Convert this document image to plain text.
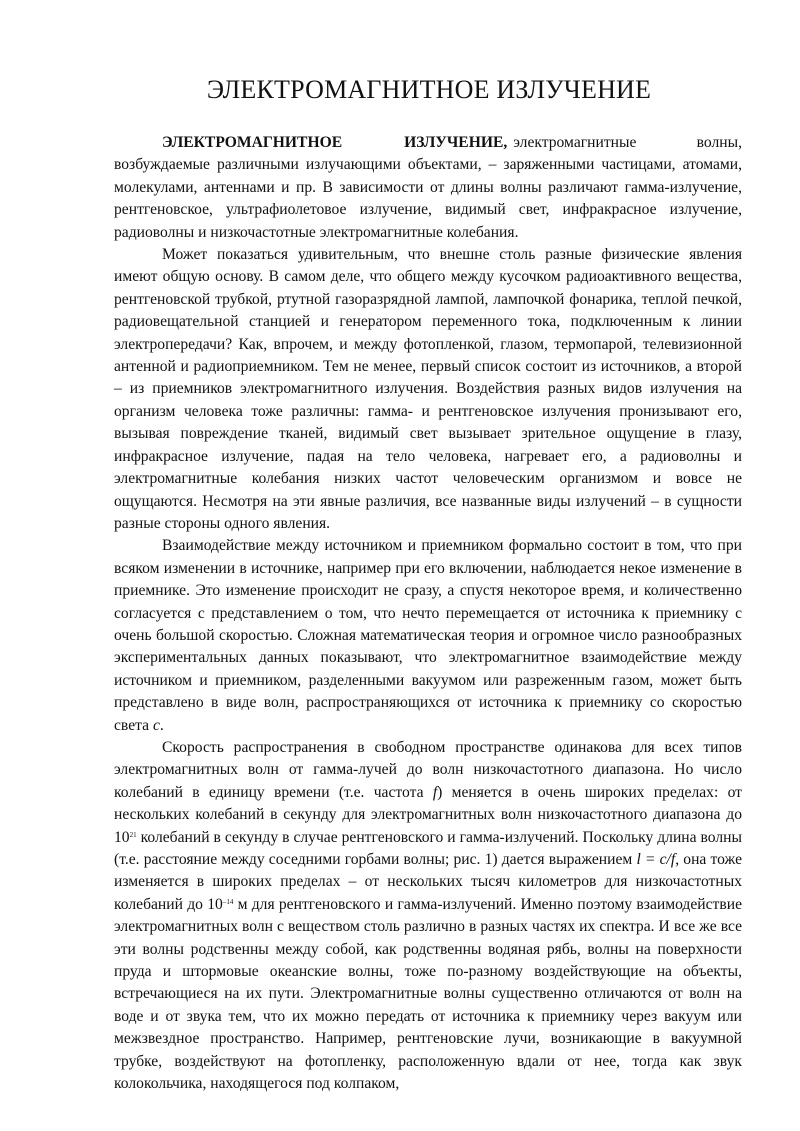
ЭЛЕКТРОМАГНИТНОЕ ИЗЛУЧЕНИЕ

ЭЛЕКТРОМАГНИТНОЕ	ИЗЛУЧЕНИЕ, электромагнитные волны, возбуждаемые различными излучающими объектами, – заряженными частицами, атомами, молекулами, антеннами и пр. В зависимости от длины волны различают гамма-излучение, рентгеновское, ультрафиолетовое излучение, видимый свет, инфракрасное излучение, радиоволны и низкочастотные электромагнитные колебания.

Может показаться удивительным, что внешне столь разные физические явления имеют общую основу. В самом деле, что общего между кусочком радиоактивного вещества, рентгеновской трубкой, ртутной газоразрядной лампой, лампочкой фонарика, теплой печкой, радиовещательной станцией и генератором переменного тока, подключенным к линии электропередачи? Как, впрочем, и между фотопленкой, глазом, термопарой, телевизионной антенной и радиоприемником. Тем не менее, первый список состоит из источников, а второй – из приемников электромагнитного излучения. Воздействия разных видов излучения на организм человека тоже различны: гамма- и рентгеновское излучения пронизывают его, вызывая повреждение тканей, видимый свет вызывает зрительное ощущение в глазу, инфракрасное излучение, падая на тело человека, нагревает его, а радиоволны и электромагнитные колебания низких частот человеческим организмом и вовсе не ощущаются. Несмотря на эти явные различия, все названные виды излучений – в сущности разные стороны одного явления.

Взаимодействие между источником и приемником формально состоит в том, что при всяком изменении в источнике, например при его включении, наблюдается некое изменение в приемнике. Это изменение происходит не сразу, а спустя некоторое время, и количественно согласуется с представлением о том, что нечто перемещается от источника к приемнику с очень большой скоростью. Сложная математическая теория и огромное число разнообразных экспериментальных данных показывают, что электромагнитное взаимодействие между источником и приемником, разделенными вакуумом или разреженным газом, может быть представлено в виде волн, распространяющихся от источника к приемнику со скоростью света c.

Скорость распространения в свободном пространстве одинакова для всех типов электромагнитных волн от гамма-лучей до волн низкочастотного диапазона. Но число колебаний в единицу времени (т.е. частота f) меняется в очень широких пределах: от нескольких колебаний в секунду для электромагнитных волн низкочастотного диапазона до $10^{21}$ колебаний в секунду в случае рентгеновского и гамма-излучений. Поскольку длина волны (т.е. расстояние между соседними горбами волны; рис. 1) дается выражением l = c/f, она тоже изменяется в широких пределах – от нескольких тысяч километров для низкочастотных колебаний до $10^{-14}$ м для рентгеновского и гамма-излучений. Именно поэтому взаимодействие электромагнитных волн с веществом столь различно в разных частях их спектра. И все же все эти волны родственны между собой, как родственны водяная рябь, волны на поверхности пруда и штормовые океанские волны, тоже по-разному воздействующие на объекты, встречающиеся на их пути. Электромагнитные волны существенно отличаются от волн на воде и от звука тем, что их можно передать от источника к приемнику через вакуум или межзвездное пространство. Например, рентгеновские лучи, возникающие в вакуумной трубке, воздействуют на фотопленку, расположенную вдали от нее, тогда как звук колокольчика, находящегося под колпаком,
